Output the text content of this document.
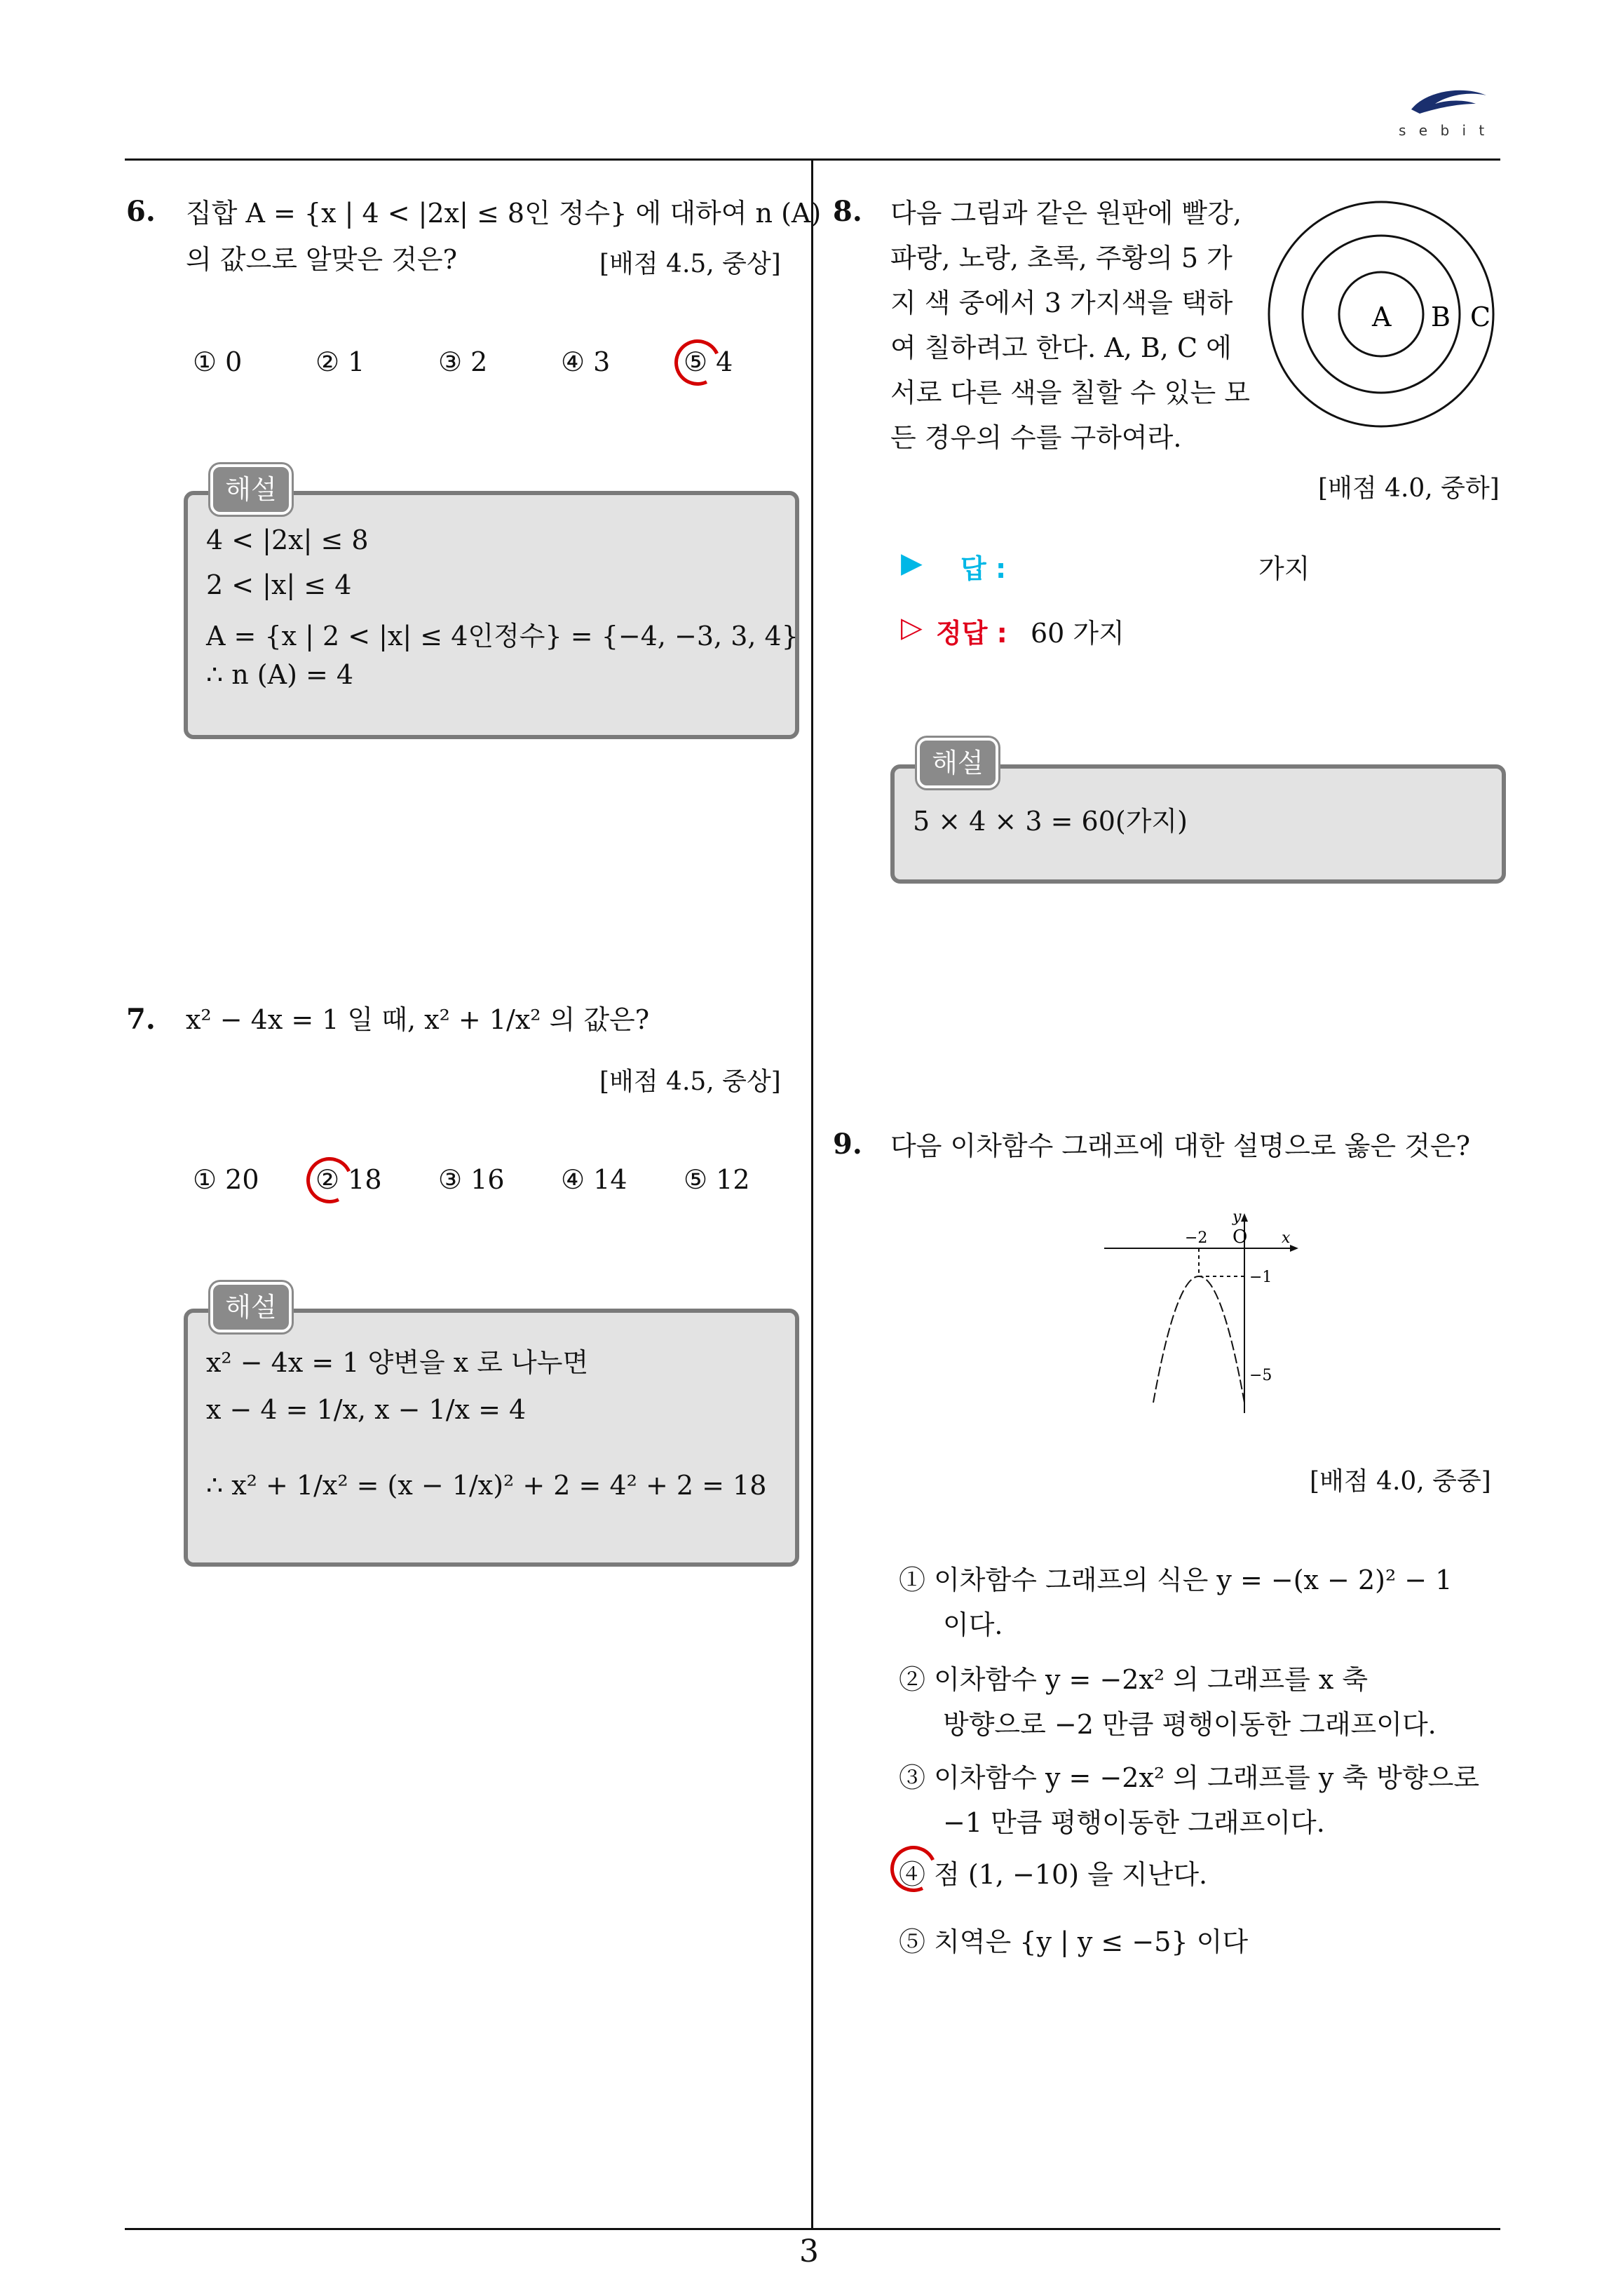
s e b i t
3
6. 집합 A = {x | 4 < |2x| ≤ 8인 정수} 에 대하여 n (A)
의 값으로 알맞은 것은?	[배점 4.5, 중상]
① 0	② 1	③ 2	④ 3	⑤ 4
해설
4 < |2x| ≤ 8
2 < |x| ≤ 4
A = {x | 2 < |x| ≤ 4인정수} = {−4, −3, 3, 4}
∴ n (A) = 4
7. x² − 4x = 1 일 때, x² + 1/x² 의 값은?
[배점 4.5, 중상]
① 20 ② 18 ③ 16 ④ 14 ⑤ 12
해설
x² − 4x = 1 양변을 x 로 나누면
x − 4 = 1/x, x − 1/x = 4
∴ x² + 1/x² = (x − 1/x)² + 2 = 4² + 2 = 18
8. 다음 그림과 같은 원판에 빨강,
파랑, 노랑, 초록, 주황의 5 가
지 색 중에서 3 가지색을 택하
여 칠하려고 한다. A, B, C 에
서로 다른 색을 칠할 수 있는 모
든 경우의 수를 구하여라.
A B C
[배점 4.0, 중하]
▶ 답 :	가지
▷ 정답 : 60 가지
해설
5 × 4 × 3 = 60(가지)
9. 다음 이차함수 그래프에 대한 설명으로 옳은 것은?
y
x
O
−2
−1
−5
[배점 4.0, 중중]
① 이차함수 그래프의 식은 y = −(x − 2)² − 1
이다.
② 이차함수 y = −2x² 의 그래프를 x 축
방향으로 −2 만큼 평행이동한 그래프이다.
③ 이차함수 y = −2x² 의 그래프를 y 축 방향으로
−1 만큼 평행이동한 그래프이다.
④ 점 (1, −10) 을 지난다.
⑤ 치역은 {y | y ≤ −5} 이다
